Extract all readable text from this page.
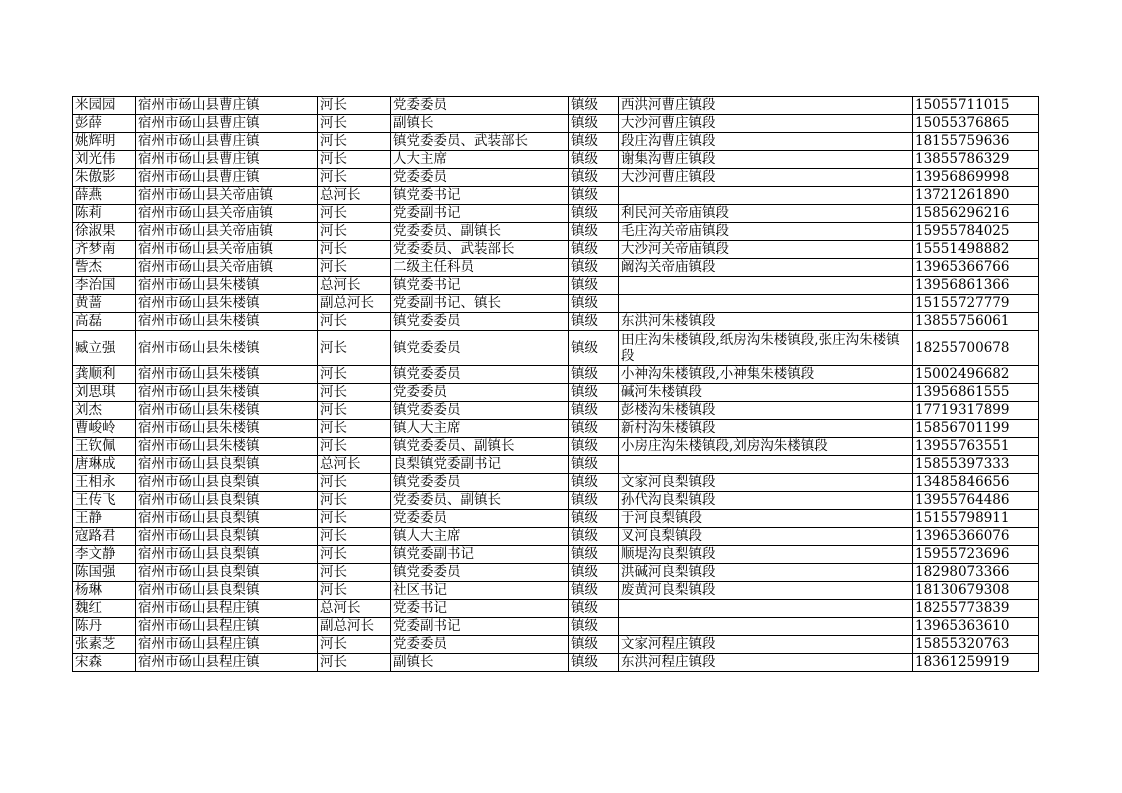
米园园	宿州市砀山县曹庄镇	河长	党委委员	镇级	西洪河曹庄镇段	15055711015
彭薛	宿州市砀山县曹庄镇	河长	副镇长	镇级	大沙河曹庄镇段	15055376865
姚辉明	宿州市砀山县曹庄镇	河长	镇党委委员、武装部长	镇级	段庄沟曹庄镇段	18155759636
刘光伟	宿州市砀山县曹庄镇	河长	人大主席	镇级	谢集沟曹庄镇段	13855786329
朱傲影	宿州市砀山县曹庄镇	河长	党委委员	镇级	大沙河曹庄镇段	13956869998
薛燕	宿州市砀山县关帝庙镇	总河长	镇党委书记	镇级		13721261890
陈莉	宿州市砀山县关帝庙镇	河长	党委副书记	镇级	利民河关帝庙镇段	15856296216
徐淑果	宿州市砀山县关帝庙镇	河长	党委委员、副镇长	镇级	毛庄沟关帝庙镇段	15955784025
齐梦南	宿州市砀山县关帝庙镇	河长	党委委员、武装部长	镇级	大沙河关帝庙镇段	15551498882
訾杰	宿州市砀山县关帝庙镇	河长	二级主任科员	镇级	阚沟关帝庙镇段	13965366766
李治国	宿州市砀山县朱楼镇	总河长	镇党委书记	镇级		13956861366
黄蔷	宿州市砀山县朱楼镇	副总河长	党委副书记、镇长	镇级		15155727779
高磊	宿州市砀山县朱楼镇	河长	镇党委委员	镇级	东洪河朱楼镇段	13855756061
臧立强	宿州市砀山县朱楼镇	河长	镇党委委员	镇级	田庄沟朱楼镇段,纸房沟朱楼镇段,张庄沟朱楼镇段	18255700678
龚顺利	宿州市砀山县朱楼镇	河长	镇党委委员	镇级	小神沟朱楼镇段,小神集朱楼镇段	15002496682
刘思琪	宿州市砀山县朱楼镇	河长	党委委员	镇级	碱河朱楼镇段	13956861555
刘杰	宿州市砀山县朱楼镇	河长	镇党委委员	镇级	彭楼沟朱楼镇段	17719317899
曹峻岭	宿州市砀山县朱楼镇	河长	镇人大主席	镇级	新村沟朱楼镇段	15856701199
王钦佩	宿州市砀山县朱楼镇	河长	镇党委委员、副镇长	镇级	小房庄沟朱楼镇段,刘房沟朱楼镇段	13955763551
唐琳成	宿州市砀山县良梨镇	总河长	良梨镇党委副书记	镇级		15855397333
王相永	宿州市砀山县良梨镇	河长	镇党委委员	镇级	文家河良梨镇段	13485846656
王传飞	宿州市砀山县良梨镇	河长	党委委员、副镇长	镇级	孙代沟良梨镇段	13955764486
王静	宿州市砀山县良梨镇	河长	党委委员	镇级	于河良梨镇段	15155798911
寇路君	宿州市砀山县良梨镇	河长	镇人大主席	镇级	叉河良梨镇段	13965366076
李文静	宿州市砀山县良梨镇	河长	镇党委副书记	镇级	顺堤沟良梨镇段	15955723696
陈国强	宿州市砀山县良梨镇	河长	镇党委委员	镇级	洪碱河良梨镇段	18298073366
杨琳	宿州市砀山县良梨镇	河长	社区书记	镇级	废黄河良梨镇段	18130679308
魏红	宿州市砀山县程庄镇	总河长	党委书记	镇级		18255773839
陈丹	宿州市砀山县程庄镇	副总河长	党委副书记	镇级		13965363610
张素芝	宿州市砀山县程庄镇	河长	党委委员	镇级	文家河程庄镇段	15855320763
宋森	宿州市砀山县程庄镇	河长	副镇长	镇级	东洪河程庄镇段	18361259919
